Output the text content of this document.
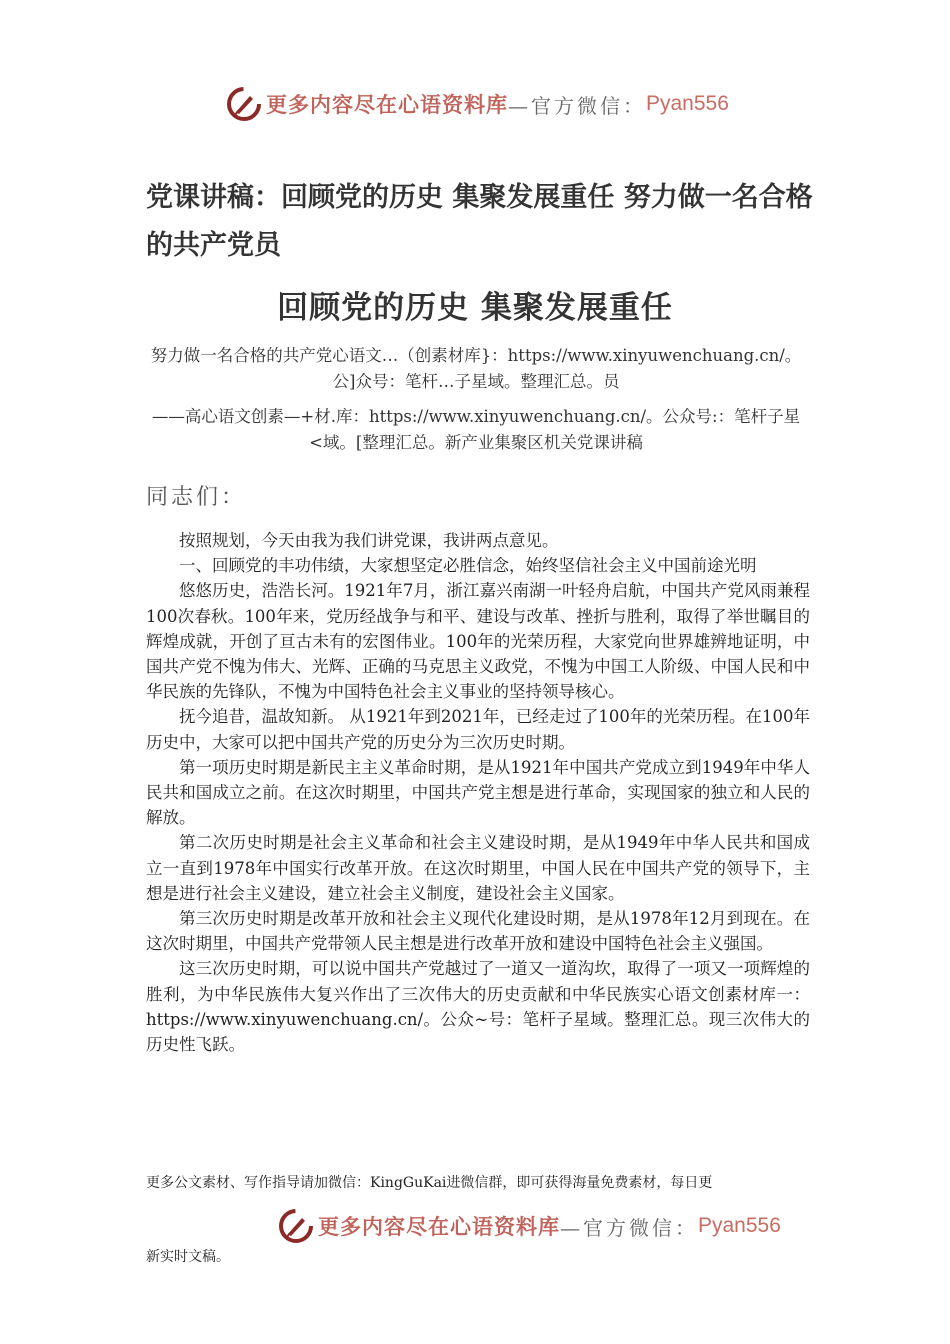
更多内容尽在心语资料库 —官方微信： Pyan556
党课讲稿：回顾党的历史 集聚发展重任 努力做一名合格的共产党员
回顾党的历史 集聚发展重任
努力做一名合格的共产党心语文…（创素材库}：https://www.xinyuwenchuang.cn/。公]众号：笔杆…子星域。整理汇总。员
——高心语文创素—+材.库：https://www.xinyuwenchuang.cn/。公众号:：笔杆子星<域。[整理汇总。新产业集聚区机关党课讲稿
同志们：

按照规划，今天由我为我们讲党课，我讲两点意见。

一、回顾党的丰功伟绩，大家想坚定必胜信念，始终坚信社会主义中国前途光明

悠悠历史，浩浩长河。1921年7月，浙江嘉兴南湖一叶轻舟启航，中国共产党风雨兼程100次春秋。100年来，党历经战争与和平、建设与改革、挫折与胜利，取得了举世瞩目的辉煌成就，开创了亘古未有的宏图伟业。100年的光荣历程，大家党向世界雄辨地证明，中国共产党不愧为伟大、光辉、正确的马克思主义政党，不愧为中国工人阶级、中国人民和中华民族的先锋队，不愧为中国特色社会主义事业的坚持领导核心。

抚今追昔，温故知新。 从1921年到2021年，已经走过了100年的光荣历程。在100年历史中，大家可以把中国共产党的历史分为三次历史时期。

第一项历史时期是新民主主义革命时期，是从1921年中国共产党成立到1949年中华人民共和国成立之前。在这次时期里，中国共产党主想是进行革命，实现国家的独立和人民的解放。

第二次历史时期是社会主义革命和社会主义建设时期，是从1949年中华人民共和国成立一直到1978年中国实行改革开放。在这次时期里，中国人民在中国共产党的领导下，主想是进行社会主义建设，建立社会主义制度，建设社会主义国家。

第三次历史时期是改革开放和社会主义现代化建设时期，是从1978年12月到现在。在这次时期里，中国共产党带领人民主想是进行改革开放和建设中国特色社会主义强国。

这三次历史时期，可以说中国共产党越过了一道又一道沟坎，取得了一项又一项辉煌的胜利，为中华民族伟大复兴作出了三次伟大的历史贡献和中华民族实心语文创素材库一：https://www.xinyuwenchuang.cn/。公众~号：笔杆子星域。整理汇总。现三次伟大的历史性飞跃。

更多公文素材、写作指导请加微信：KingGuKai进微信群，即可获得海量免费素材，每日更
更多内容尽在心语资料库 —官方微信： Pyan556
新实时文稿。
